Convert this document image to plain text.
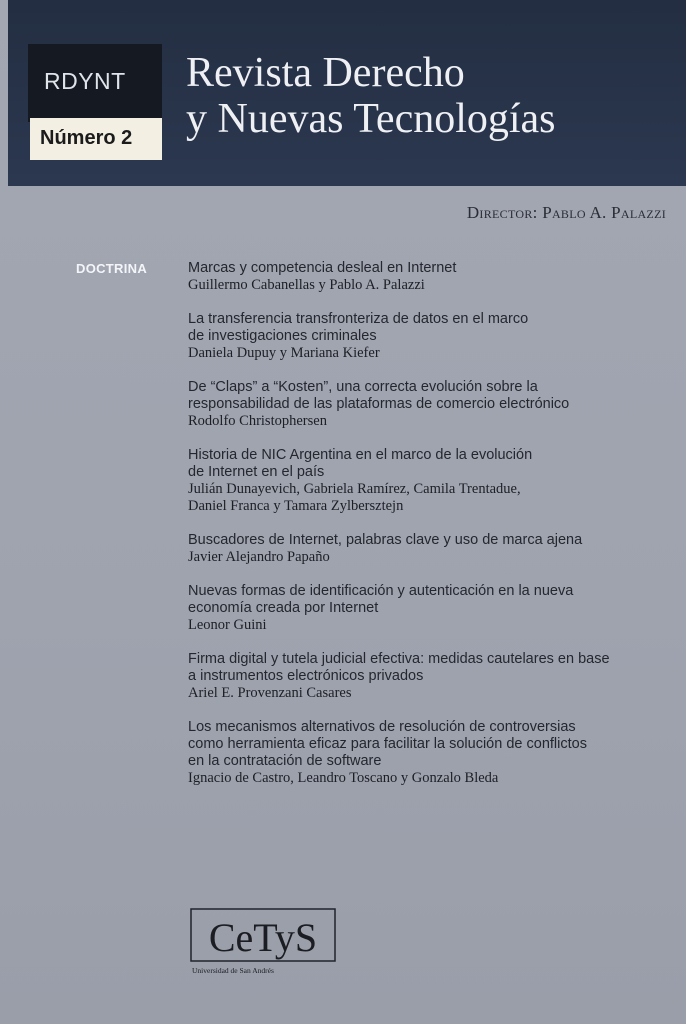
RDYNT
Número 2
Revista Derecho
y Nuevas Tecnologías
Director: Pablo A. Palazzi
DOCTRINA	Marcas y competencia desleal en Internet
Guillermo Cabanellas y Pablo A. Palazzi
La transferencia transfronteriza de datos en el marco
de investigaciones criminales
Daniela Dupuy y Mariana Kiefer
De “Claps” a “Kosten”, una correcta evolución sobre la
responsabilidad de las plataformas de comercio electrónico
Rodolfo Christophersen
Historia de NIC Argentina en el marco de la evolución
de Internet en el país
Julián Dunayevich, Gabriela Ramírez, Camila Trentadue,
Daniel Franca y Tamara Zylbersztejn
Buscadores de Internet, palabras clave y uso de marca ajena
Javier Alejandro Papaño
Nuevas formas de identificación y autenticación en la nueva
economía creada por Internet
Leonor Guini
Firma digital y tutela judicial efectiva: medidas cautelares en base
a instrumentos electrónicos privados
Ariel E. Provenzani Casares
Los mecanismos alternativos de resolución de controversias
como herramienta eficaz para facilitar la solución de conflictos
en la contratación de software
Ignacio de Castro, Leandro Toscano y Gonzalo Bleda
CeTyS
Universidad de San Andrés
